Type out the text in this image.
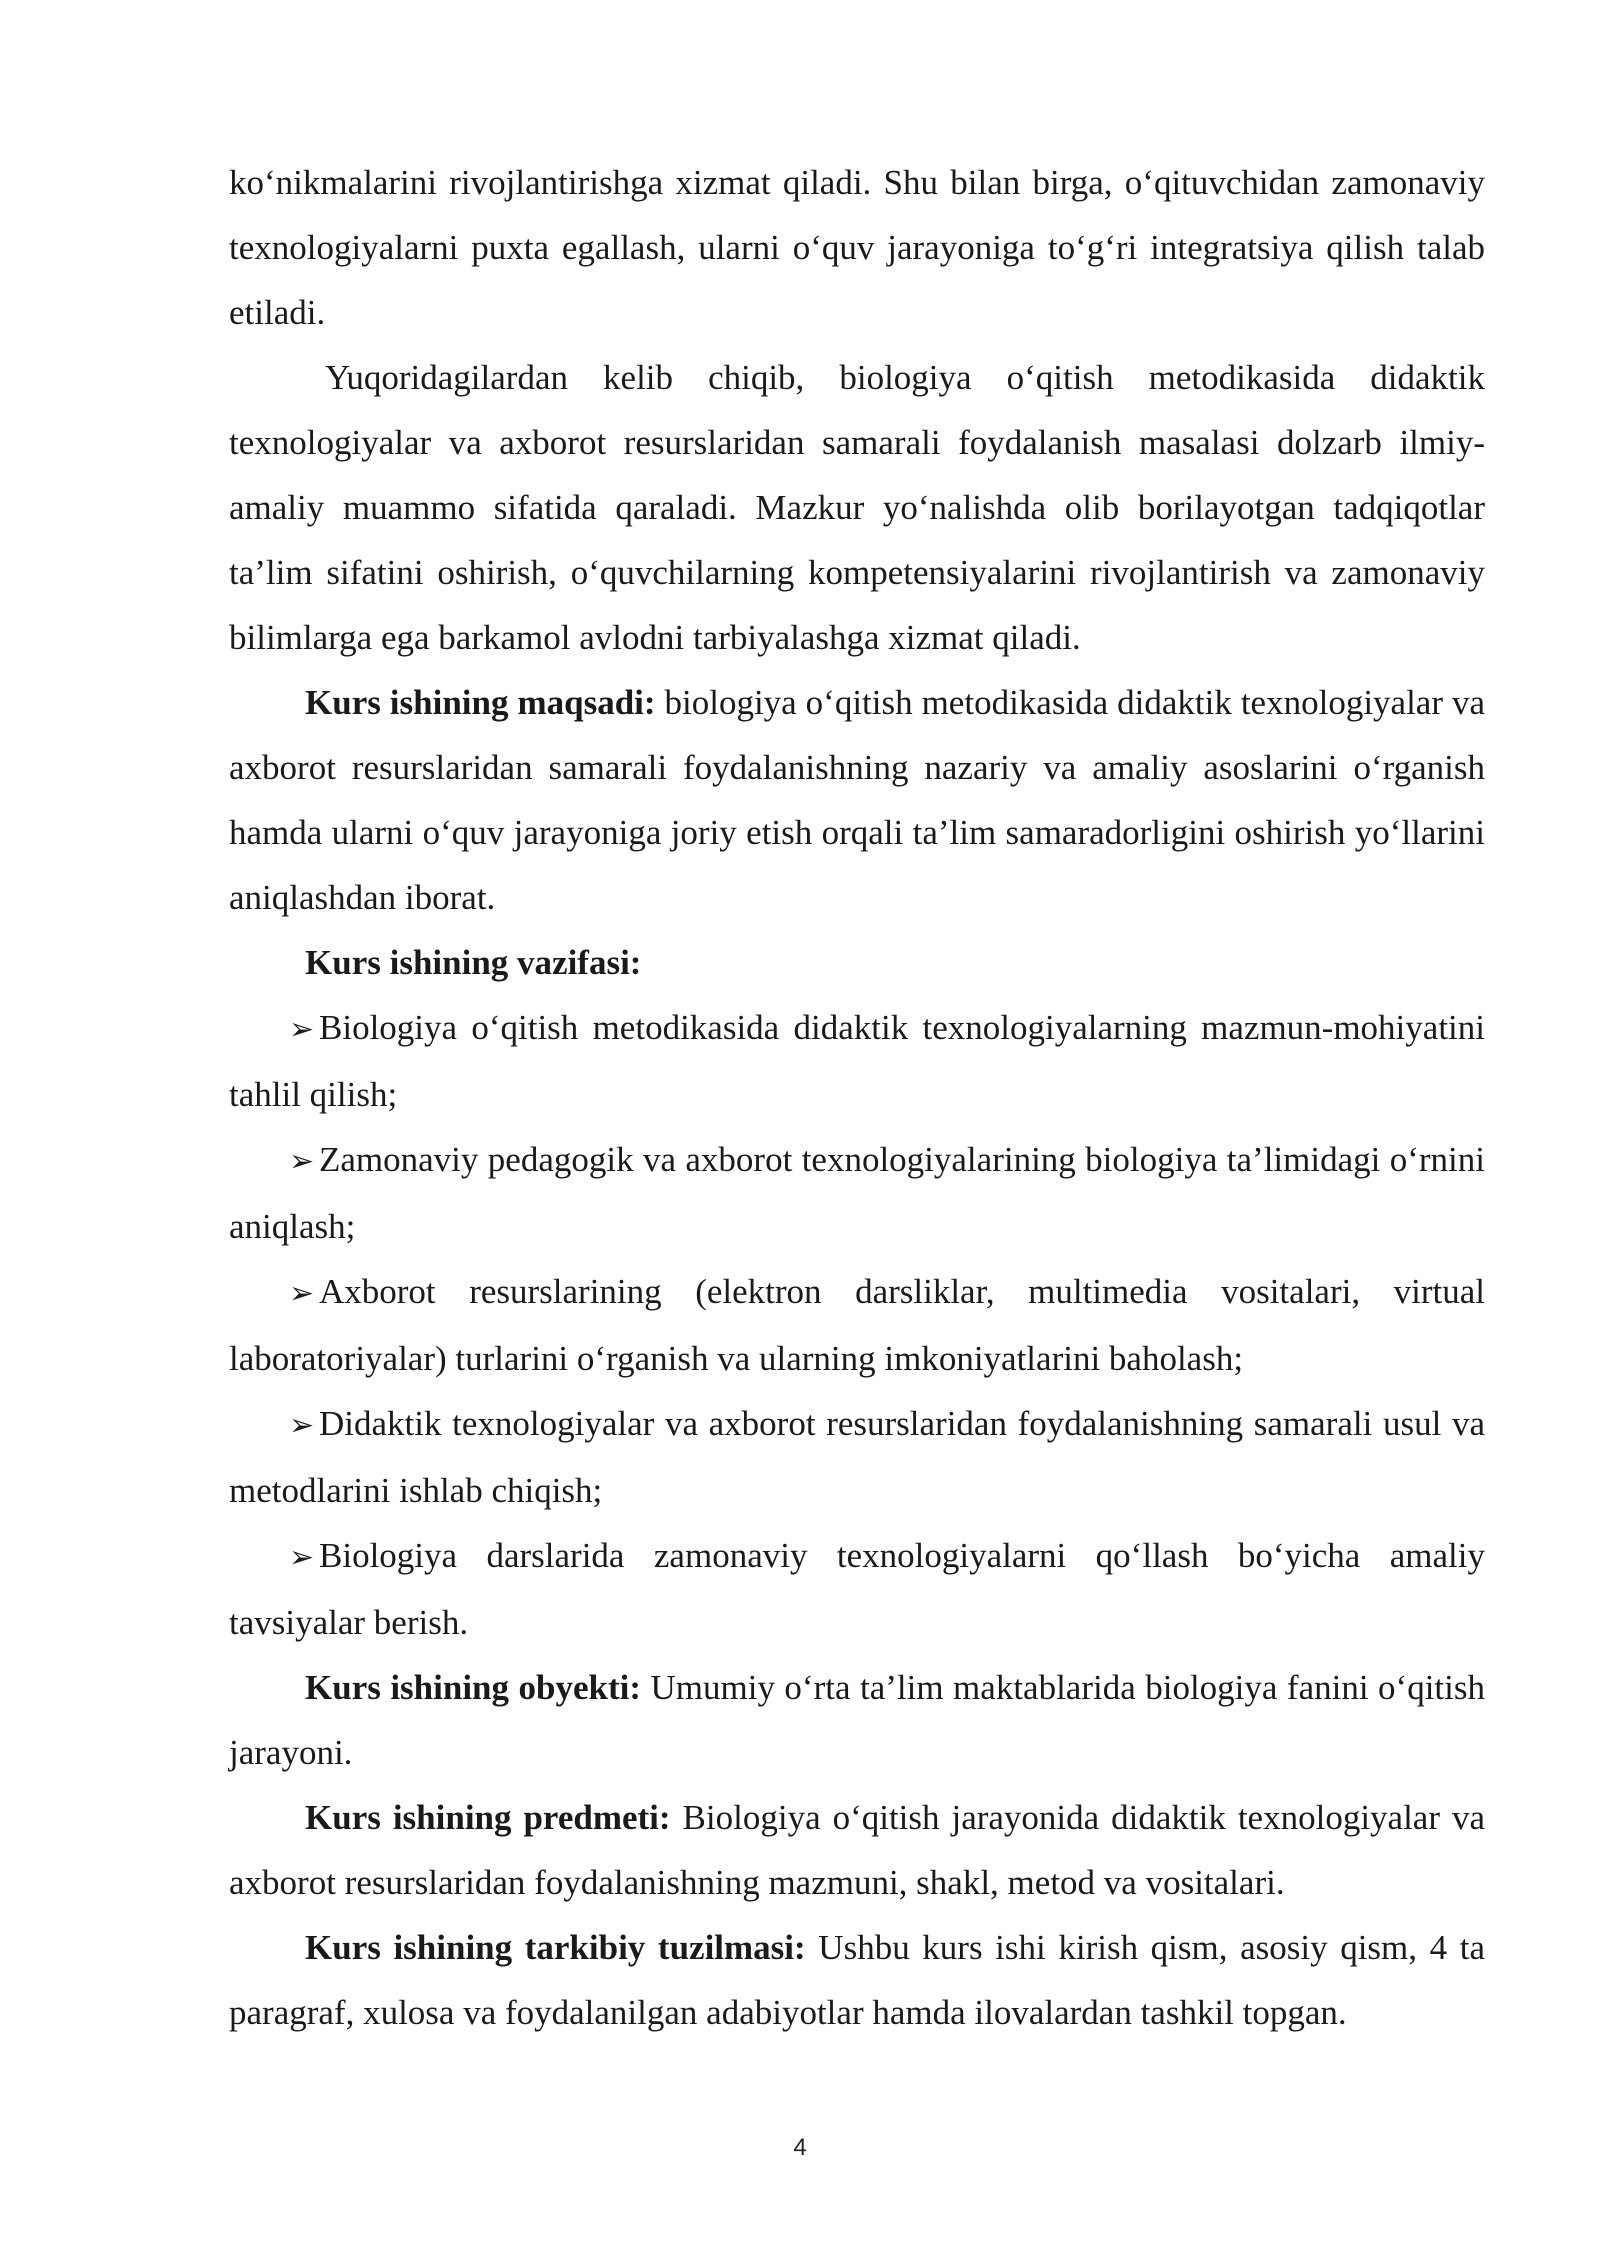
ko‘nikmalarini rivojlantirishga xizmat qiladi. Shu bilan birga, o‘qituvchidan zamonaviy texnologiyalarni puxta egallash, ularni o‘quv jarayoniga to‘g‘ri integratsiya qilish talab etiladi.

Yuqoridagilardan kelib chiqib, biologiya o‘qitish metodikasida didaktik texnologiyalar va axborot resurslaridan samarali foydalanish masalasi dolzarb ilmiy-amaliy muammo sifatida qaraladi. Mazkur yo‘nalishda olib borilayotgan tadqiqotlar ta’lim sifatini oshirish, o‘quvchilarning kompetensiyalarini rivojlantirish va zamonaviy bilimlarga ega barkamol avlodni tarbiyalashga xizmat qiladi.

Kurs ishining maqsadi: biologiya o‘qitish metodikasida didaktik texnologiyalar va axborot resurslaridan samarali foydalanishning nazariy va amaliy asoslarini o‘rganish hamda ularni o‘quv jarayoniga joriy etish orqali ta’lim samaradorligini oshirish yo‘llarini aniqlashdan iborat.

Kurs ishining vazifasi:

➢ Biologiya o‘qitish metodikasida didaktik texnologiyalarning mazmun-mohiyatini tahlil qilish;

➢ Zamonaviy pedagogik va axborot texnologiyalarining biologiya ta’limidagi o‘rnini aniqlash;

➢ Axborot resurslarining (elektron darsliklar, multimedia vositalari, virtual laboratoriyalar) turlarini o‘rganish va ularning imkoniyatlarini baholash;

➢ Didaktik texnologiyalar va axborot resurslaridan foydalanishning samarali usul va metodlarini ishlab chiqish;

➢ Biologiya darslarida zamonaviy texnologiyalarni qo‘llash bo‘yicha amaliy tavsiyalar berish.

Kurs ishining obyekti: Umumiy o‘rta ta’lim maktablarida biologiya fanini o‘qitish jarayoni.

Kurs ishining predmeti: Biologiya o‘qitish jarayonida didaktik texnologiyalar va axborot resurslaridan foydalanishning mazmuni, shakl, metod va vositalari.

Kurs ishining tarkibiy tuzilmasi: Ushbu kurs ishi kirish qism, asosiy qism, 4 ta paragraf, xulosa va foydalanilgan adabiyotlar hamda ilovalardan tashkil topgan.

4
